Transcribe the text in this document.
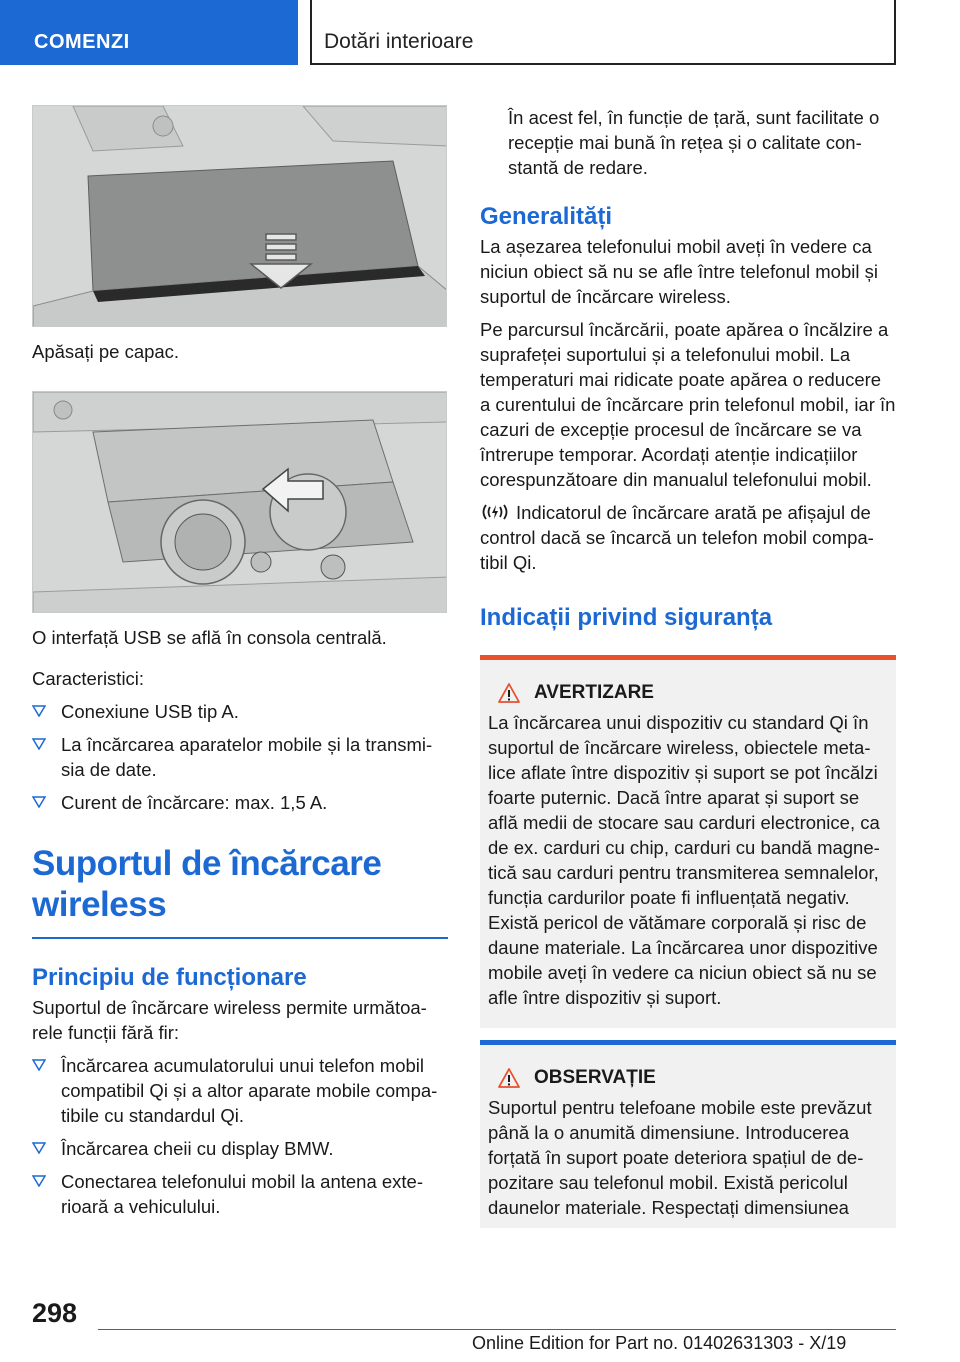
COMENZI	Dotări interioare

Apăsați pe capac.

O interfață USB se află în consola centrală.

Caracteristici:

Conexiune USB tip A.
La încărcarea aparatelor mobile și la transmi-sia de date.
Curent de încărcare: max. 1,5 A.
Suportul de încărcare wireless
Principiu de funcționare

Suportul de încărcare wireless permite următoa-rele funcții fără fir:

Încărcarea acumulatorului unui telefon mobil compatibil Qi și a altor aparate mobile compa-tibile cu standardul Qi.
Încărcarea cheii cu display BMW.
Conectarea telefonului mobil la antena exte-rioară a vehiculului.

În acest fel, în funcție de țară, sunt facilitate o recepție mai bună în rețea și o calitate con-stantă de redare.

Generalități

La așezarea telefonului mobil aveți în vedere ca niciun obiect să nu se afle între telefonul mobil și suportul de încărcare wireless.

Pe parcursul încărcării, poate apărea o încălzire a suprafeței suportului și a telefonului mobil. La temperaturi mai ridicate poate apărea o reducere a curentului de încărcare prin telefonul mobil, iar în cazuri de excepție procesul de încărcare se va întrerupe temporar. Acordați atenție indicațiilor corespunzătoare din manualul telefonului mobil.

Indicatorul de încărcare arată pe afișajul de control dacă se încarcă un telefon mobil compa-tibil Qi.

Indicații privind siguranța
AVERTIZARE

La încărcarea unui dispozitiv cu standard Qi în suportul de încărcare wireless, obiectele meta-lice aflate între dispozitiv și suport se pot încălzi foarte puternic. Dacă între aparat și suport se află medii de stocare sau carduri electronice, ca de ex. carduri cu chip, carduri cu bandă magne-tică sau carduri pentru transmiterea semnalelor, funcția cardurilor poate fi influențată negativ. Există pericol de vătămare corporală și risc de daune materiale. La încărcarea unor dispozitive mobile aveți în vedere ca niciun obiect să nu se afle între dispozitiv și suport.

OBSERVAȚIE

Suportul pentru telefoane mobile este prevăzut până la o anumită dimensiune. Introducerea forțată în suport poate deteriora spațiul de de-pozitare sau telefonul mobil. Există pericolul daunelor materiale. Respectați dimensiunea

298
Online Edition for Part no. 01402631303 - X/19
